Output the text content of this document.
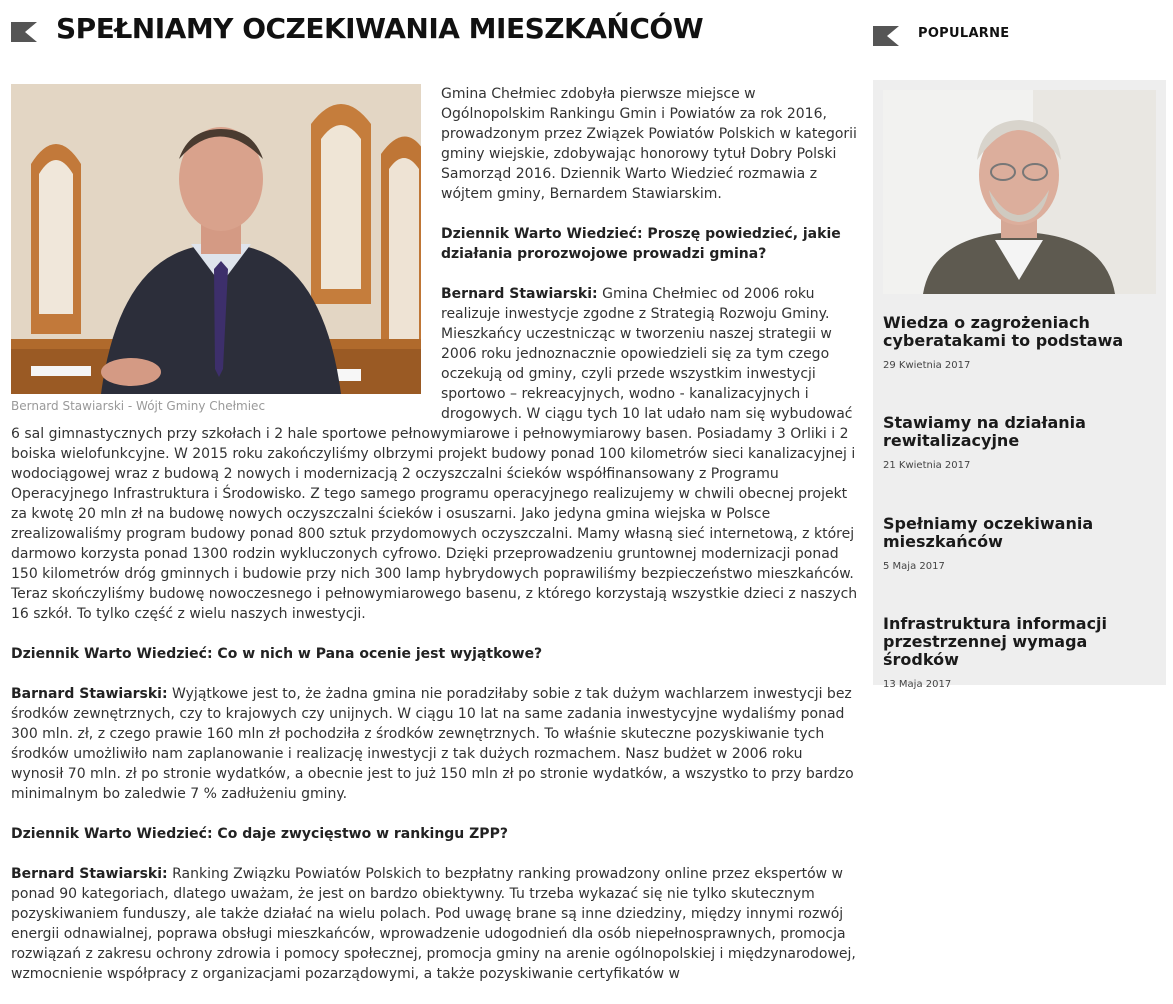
SPEŁNIAMY OCZEKIWANIA MIESZKAŃCÓW
Bernard Stawiarski - Wójt Gminy Chełmiec

Gmina Chełmiec zdobyła pierwsze miejsce w Ogólnopolskim Rankingu Gmin i Powiatów za rok 2016, prowadzonym przez Związek Powiatów Polskich w kategorii gminy wiejskie, zdobywając honorowy tytuł Dobry Polski Samorząd 2016. Dziennik Warto Wiedzieć rozmawia z wójtem gminy, Bernardem Stawiarskim.

Dziennik Warto Wiedzieć: Proszę powiedzieć, jakie działania prorozwojowe prowadzi gmina?

Bernard Stawiarski: Gmina Chełmiec od 2006 roku realizuje inwestycje zgodne z Strategią Rozwoju Gminy. Mieszkańcy uczestnicząc w tworzeniu naszej strategii w 2006 roku jednoznacznie opowiedzieli się za tym czego oczekują od gminy, czyli przede wszystkim inwestycji sportowo – rekreacyjnych, wodno - kanalizacyjnych i drogowych. W ciągu tych 10 lat udało nam się wybudować 6 sal gimnastycznych przy szkołach i 2 hale sportowe pełnowymiarowe i pełnowymiarowy basen. Posiadamy 3 Orliki i 2 boiska wielofunkcyjne. W 2015 roku zakończyliśmy olbrzymi projekt budowy ponad 100 kilometrów sieci kanalizacyjnej i wodociągowej wraz z budową 2 nowych i modernizacją 2 oczyszczalni ścieków współfinansowany z Programu Operacyjnego Infrastruktura i Środowisko. Z tego samego programu operacyjnego realizujemy w chwili obecnej projekt za kwotę 20 mln zł na budowę nowych oczyszczalni ścieków i osuszarni. Jako jedyna gmina wiejska w Polsce zrealizowaliśmy program budowy ponad 800 sztuk przydomowych oczyszczalni. Mamy własną sieć internetową, z której darmowo korzysta ponad 1300 rodzin wykluczonych cyfrowo. Dzięki przeprowadzeniu gruntownej modernizacji ponad 150 kilometrów dróg gminnych i budowie przy nich 300 lamp hybrydowych poprawiliśmy bezpieczeństwo mieszkańców. Teraz skończyliśmy budowę nowoczesnego i pełnowymiarowego basenu, z którego korzystają wszystkie dzieci z naszych 16 szkół. To tylko część z wielu naszych inwestycji.

Dziennik Warto Wiedzieć: Co w nich w Pana ocenie jest wyjątkowe?

Barnard Stawiarski: Wyjątkowe jest to, że żadna gmina nie poradziłaby sobie z tak dużym wachlarzem inwestycji bez środków zewnętrznych, czy to krajowych czy unijnych. W ciągu 10 lat na same zadania inwestycyjne wydaliśmy ponad 300 mln. zł, z czego prawie 160 mln zł pochodziła z środków zewnętrznych. To właśnie skuteczne pozyskiwanie tych środków umożliwiło nam zaplanowanie i realizację inwestycji z tak dużych rozmachem. Nasz budżet w 2006 roku wynosił 70 mln. zł po stronie wydatków, a obecnie jest to już 150 mln zł po stronie wydatków, a wszystko to przy bardzo minimalnym bo zaledwie 7 % zadłużeniu gminy.

Dziennik Warto Wiedzieć: Co daje zwycięstwo w rankingu ZPP?

Bernard Stawiarski: Ranking Związku Powiatów Polskich to bezpłatny ranking prowadzony online przez ekspertów w ponad 90 kategoriach, dlatego uważam, że jest on bardzo obiektywny. Tu trzeba wykazać się nie tylko skutecznym pozyskiwaniem funduszy, ale także działać na wielu polach. Pod uwagę brane są inne dziedziny, między innymi rozwój energii odnawialnej, poprawa obsługi mieszkańców, wprowadzenie udogodnień dla osób niepełnosprawnych, promocja rozwiązań z zakresu ochrony zdrowia i pomocy społecznej, promocja gminy na arenie ogólnopolskiej i międzynarodowej, wzmocnienie współpracy z organizacjami pozarządowymi, a także pozyskiwanie certyfikatów w

POPULARNE

Wiedza o zagrożeniach cyberatakami to podstawa

29 Kwietnia 2017

Stawiamy na działania rewitalizacyjne

21 Kwietnia 2017

Spełniamy oczekiwania mieszkańców

5 Maja 2017

Infrastruktura informacji przestrzennej wymaga środków

13 Maja 2017
